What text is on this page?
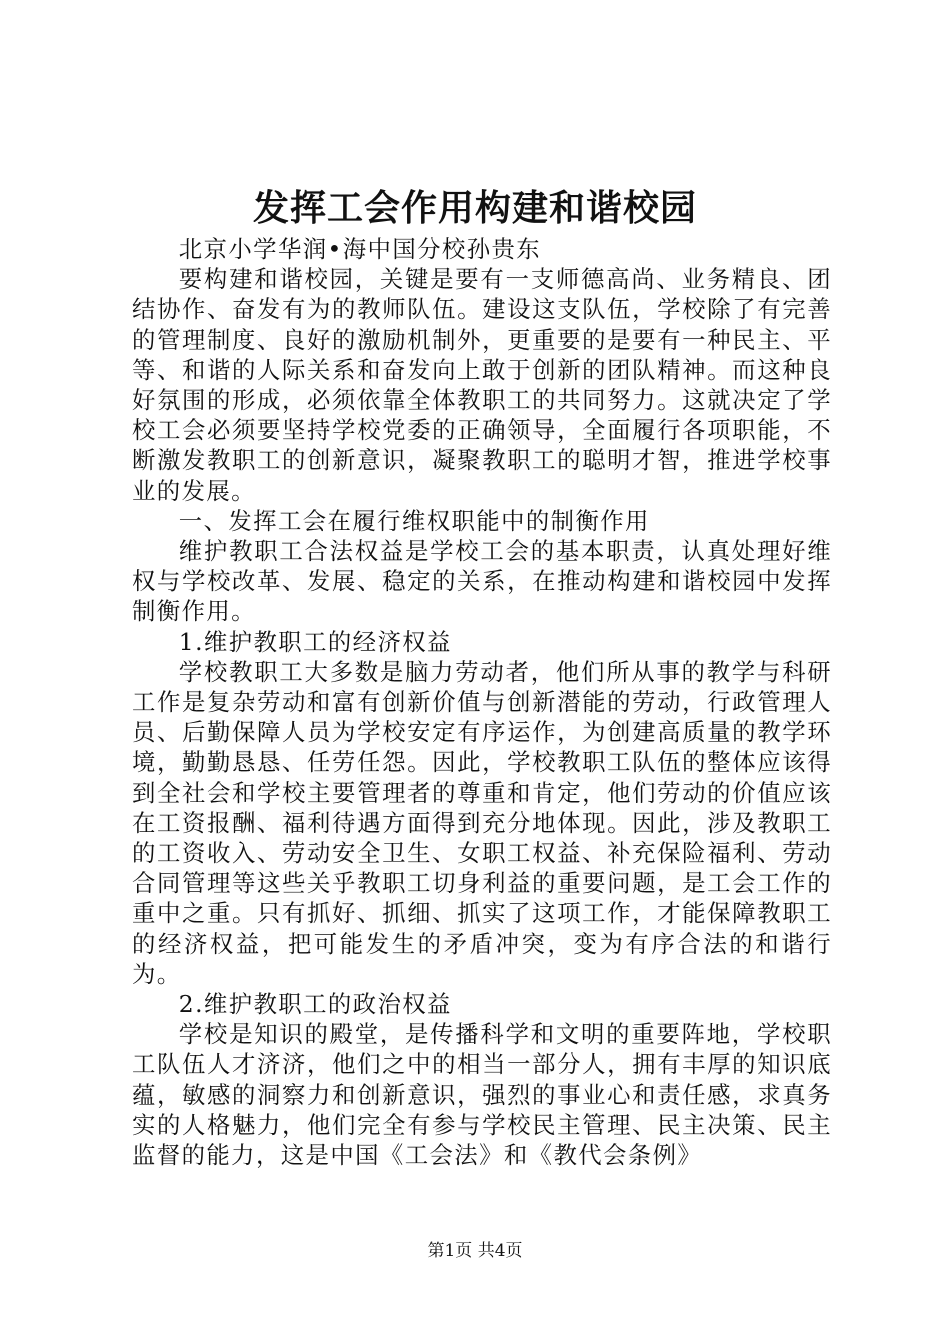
发挥工会作用构建和谐校园

北京小学华润•海中国分校孙贵东

要构建和谐校园，关键是要有一支师德高尚、业务精良、团结协作、奋发有为的教师队伍。建设这支队伍，学校除了有完善的管理制度、良好的激励机制外，更重要的是要有一种民主、平等、和谐的人际关系和奋发向上敢于创新的团队精神。而这种良好氛围的形成，必须依靠全体教职工的共同努力。这就决定了学校工会必须要坚持学校党委的正确领导，全面履行各项职能，不断激发教职工的创新意识，凝聚教职工的聪明才智，推进学校事业的发展。

一、发挥工会在履行维权职能中的制衡作用

维护教职工合法权益是学校工会的基本职责，认真处理好维权与学校改革、发展、稳定的关系，在推动构建和谐校园中发挥制衡作用。

1.维护教职工的经济权益

学校教职工大多数是脑力劳动者，他们所从事的教学与科研工作是复杂劳动和富有创新价值与创新潜能的劳动，行政管理人员、后勤保障人员为学校安定有序运作，为创建高质量的教学环境，勤勤恳恳、任劳任怨。因此，学校教职工队伍的整体应该得到全社会和学校主要管理者的尊重和肯定，他们劳动的价值应该在工资报酬、福利待遇方面得到充分地体现。因此，涉及教职工的工资收入、劳动安全卫生、女职工权益、补充保险福利、劳动合同管理等这些关乎教职工切身利益的重要问题，是工会工作的重中之重。只有抓好、抓细、抓实了这项工作，才能保障教职工的经济权益，把可能发生的矛盾冲突，变为有序合法的和谐行为。

2.维护教职工的政治权益

学校是知识的殿堂，是传播科学和文明的重要阵地，学校职工队伍人才济济，他们之中的相当一部分人，拥有丰厚的知识底蕴，敏感的洞察力和创新意识，强烈的事业心和责任感，求真务实的人格魅力，他们完全有参与学校民主管理、民主决策、民主监督的能力，这是中国《工会法》和《教代会条例》

第1页 共4页
